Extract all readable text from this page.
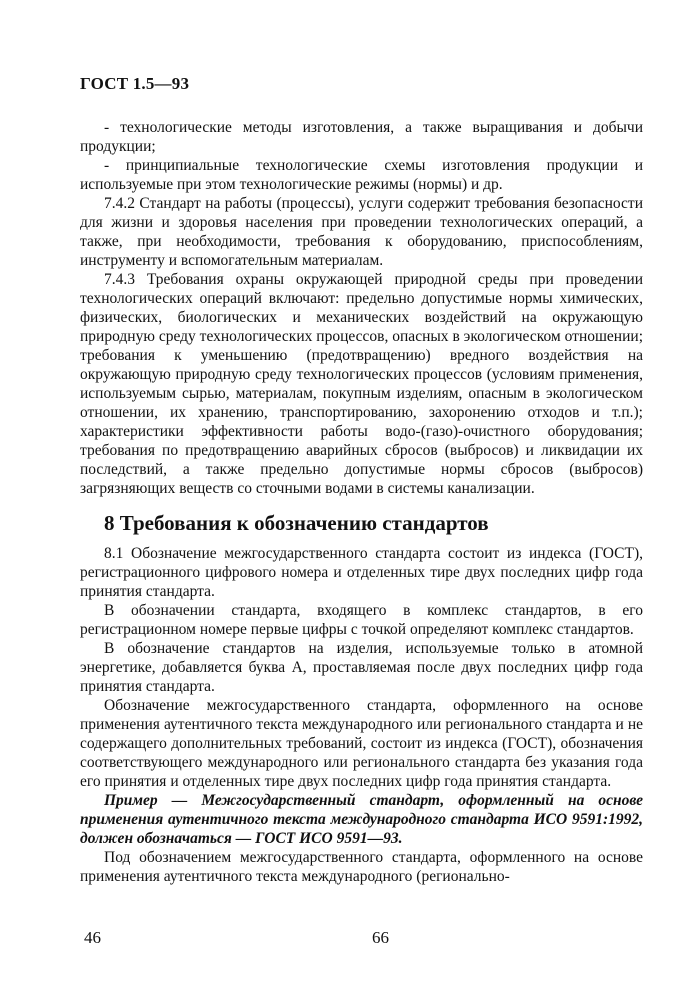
ГОСТ 1.5—93

- технологические методы изготовления, а также выращивания и добычи продукции;

- принципиальные технологические схемы изготовления продукции и используемые при этом технологические режимы (нормы) и др.

7.4.2 Стандарт на работы (процессы), услуги содержит требования безопасности для жизни и здоровья населения при проведении технологических операций, а также, при необходимости, требования к оборудованию, приспособлениям, инструменту и вспомогательным материалам.

7.4.3 Требования охраны окружающей природной среды при проведении технологических операций включают: предельно допустимые нормы химических, физических, биологических и механических воздействий на окружающую природную среду технологических процессов, опасных в экологическом отношении; требования к уменьшению (предотвращению) вредного воздействия на окружающую природную среду технологических процессов (условиям применения, используемым сырью, материалам, покупным изделиям, опасным в экологическом отношении, их хранению, транспортированию, захоронению отходов и т.п.); характеристики эффективности работы водо-(газо)-очистного оборудования; требования по предотвращению аварийных сбросов (выбросов) и ликвидации их последствий, а также предельно допустимые нормы сбросов (выбросов) загрязняющих веществ со сточными водами в системы канализации.

8 Требования к обозначению стандартов

8.1 Обозначение межгосударственного стандарта состоит из индекса (ГОСТ), регистрационного цифрового номера и отделенных тире двух последних цифр года принятия стандарта.

В обозначении стандарта, входящего в комплекс стандартов, в его регистрационном номере первые цифры с точкой определяют комплекс стандартов.

В обозначение стандартов на изделия, используемые только в атомной энергетике, добавляется буква А, проставляемая после двух последних цифр года принятия стандарта.

Обозначение межгосударственного стандарта, оформленного на основе применения аутентичного текста международного или регионального стандарта и не содержащего дополнительных требований, состоит из индекса (ГОСТ), обозначения соответствующего международного или регионального стандарта без указания года его принятия и отделенных тире двух последних цифр года принятия стандарта.

Пример — Межгосударственный стандарт, оформленный на основе применения аутентичного текста международного стандарта ИСО 9591:1992, должен обозначаться — ГОСТ ИСО 9591—93.

Под обозначением межгосударственного стандарта, оформленного на основе применения аутентичного текста международного (регионально-

46	66
